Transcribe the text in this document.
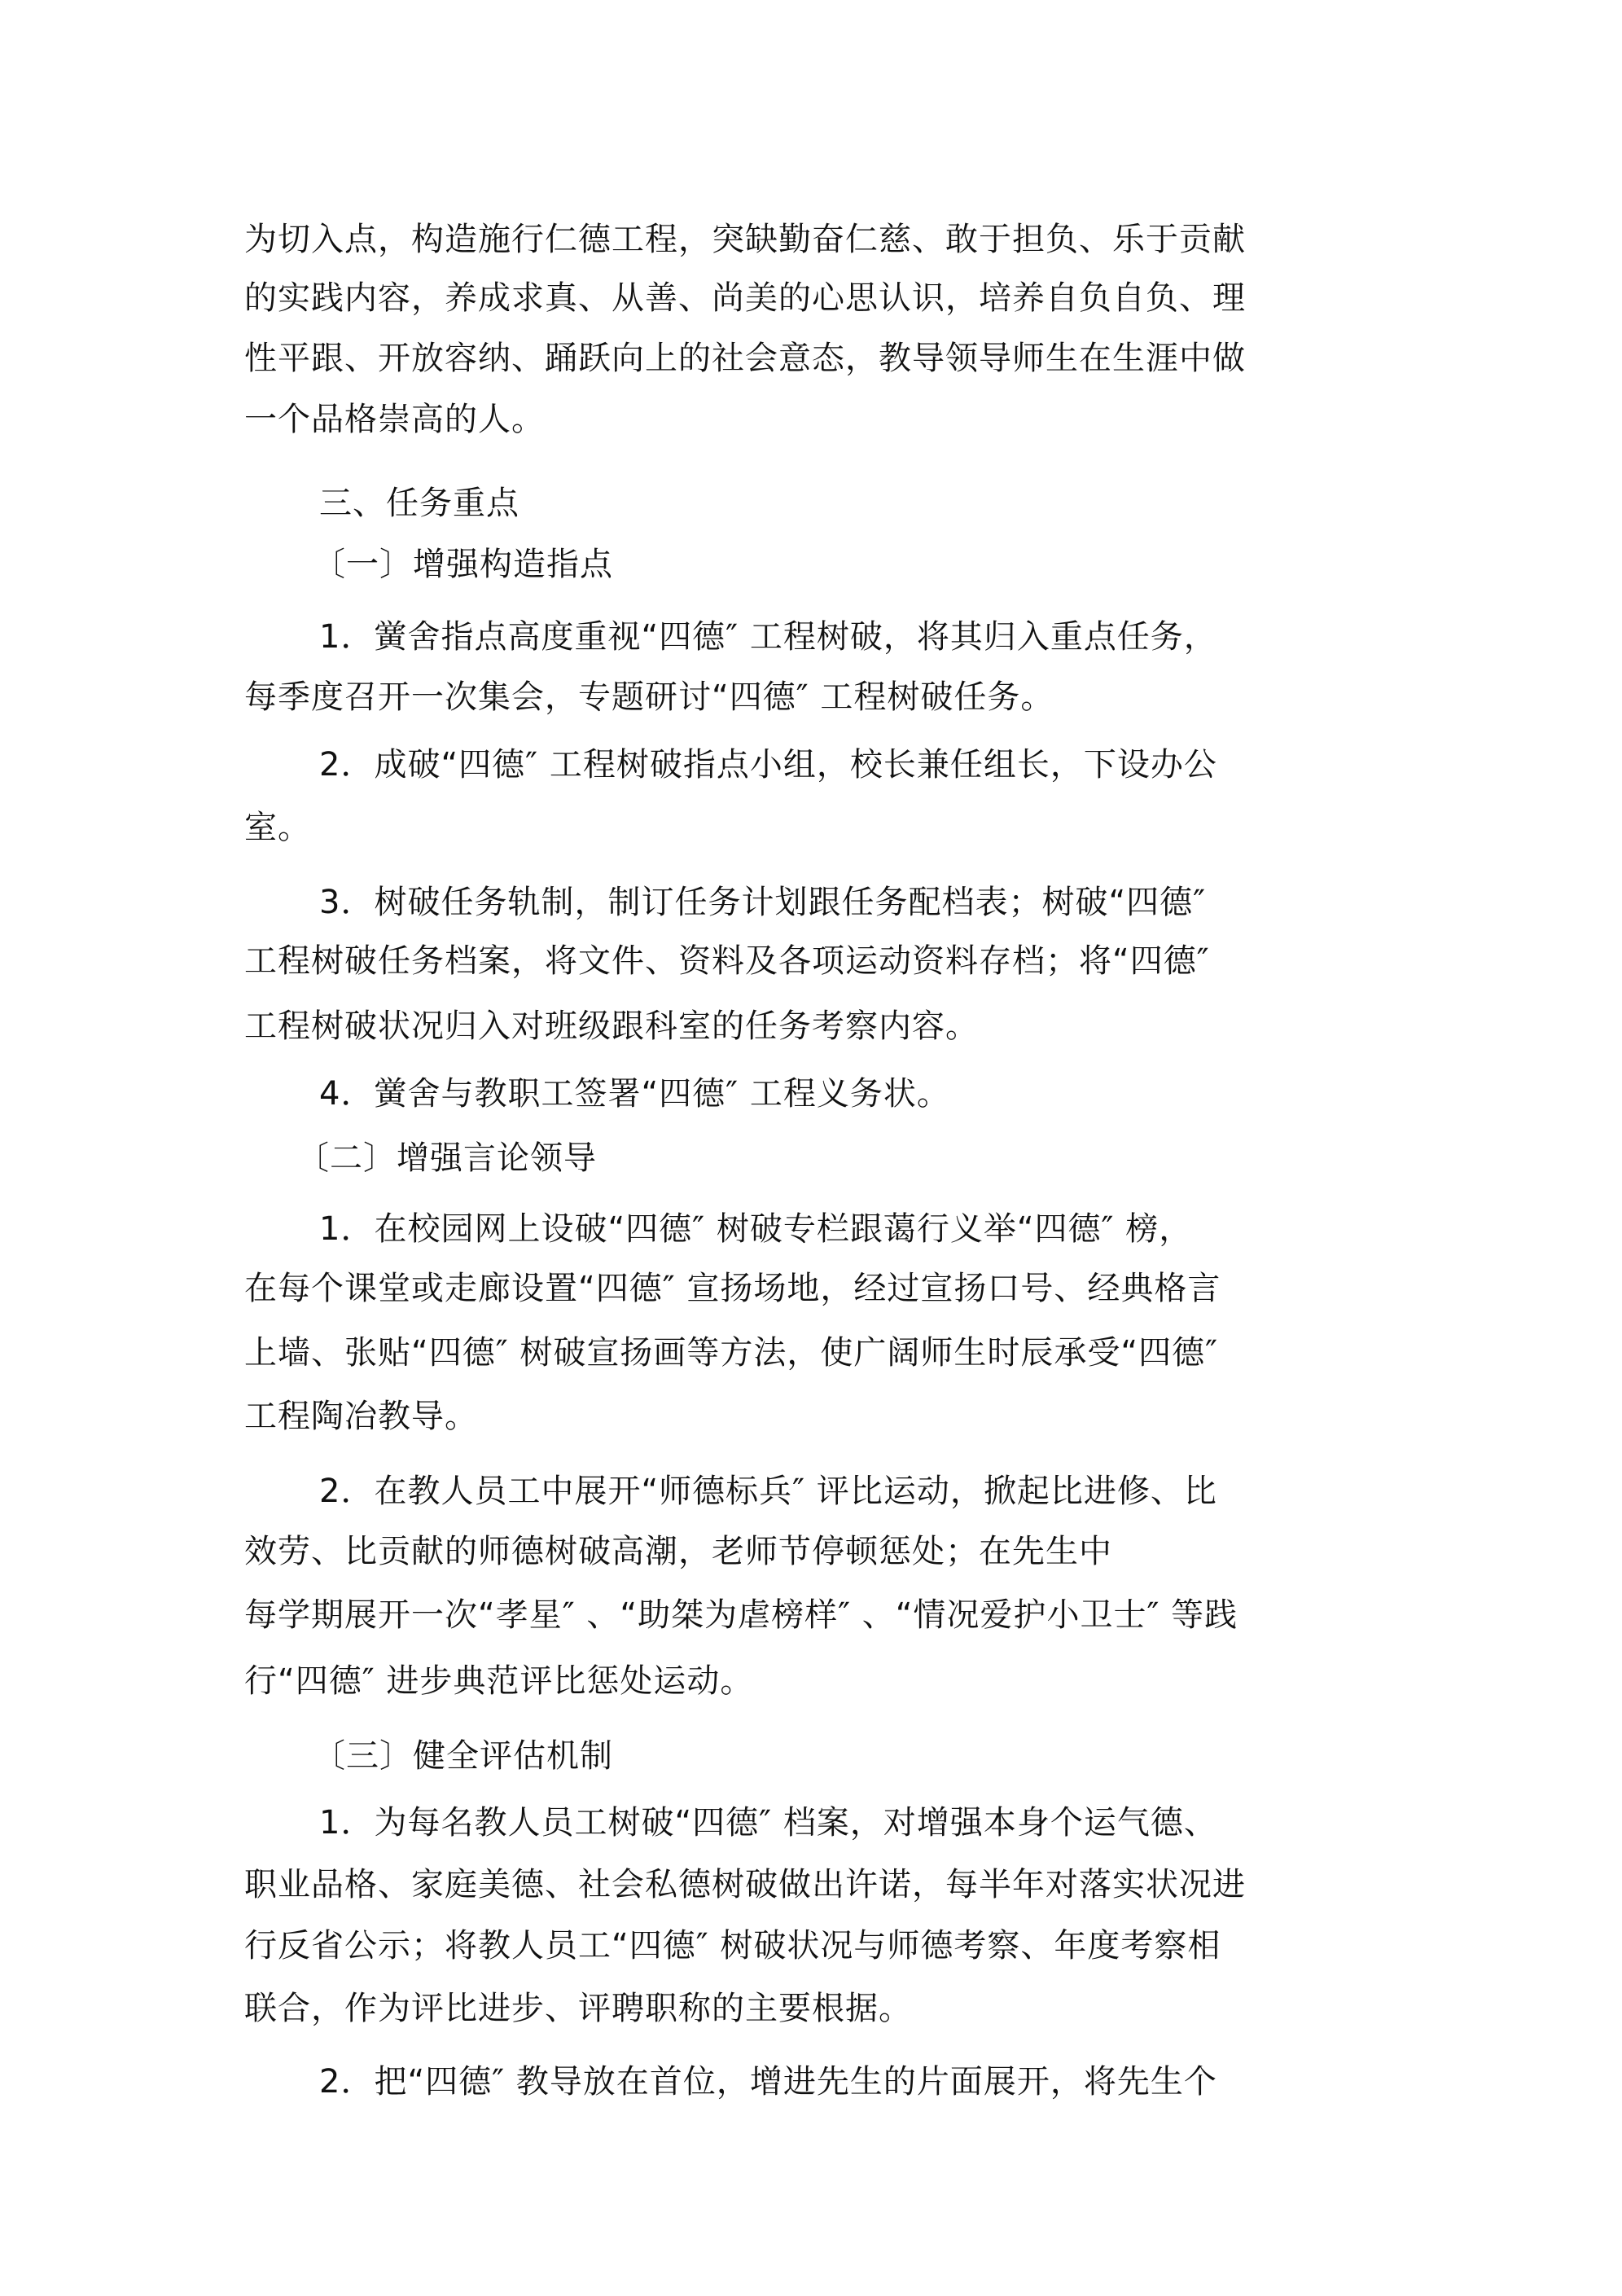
为切入点，构造施行仁德工程，突缺勤奋仁慈、敢于担负、乐于贡献

的实践内容，养成求真、从善、尚美的心思认识，培养自负自负、理

性平跟、开放容纳、踊跃向上的社会意态，教导领导师生在生涯中做

一个品格崇高的人。

三、任务重点

〔一〕增强构造指点

1．黉舍指点高度重视“四德″ 工程树破，将其归入重点任务，

每季度召开一次集会，专题研讨“四德″ 工程树破任务。

2．成破“四德″ 工程树破指点小组，校长兼任组长，下设办公

室。

3．树破任务轨制，制订任务计划跟任务配档表；树破“四德″

工程树破任务档案，将文件、资料及各项运动资料存档；将“四德″

工程树破状况归入对班级跟科室的任务考察内容。

4．黉舍与教职工签署“四德″ 工程义务状。

〔二〕增强言论领导

1．在校园网上设破“四德″ 树破专栏跟蔼行义举“四德″ 榜，

在每个课堂或走廊设置“四德″ 宣扬场地，经过宣扬口号、经典格言

上墙、张贴“四德″ 树破宣扬画等方法，使广阔师生时辰承受“四德″

工程陶冶教导。

2．在教人员工中展开“师德标兵″ 评比运动，掀起比进修、比

效劳、比贡献的师德树破高潮，老师节停顿惩处；在先生中

每学期展开一次“孝星″ 、“助桀为虐榜样″ 、“情况爱护小卫士″ 等践

行“四德″ 进步典范评比惩处运动。

〔三〕健全评估机制

1．为每名教人员工树破“四德″ 档案，对增强本身个运气德、

职业品格、家庭美德、社会私德树破做出许诺，每半年对落实状况进

行反省公示；将教人员工“四德″ 树破状况与师德考察、年度考察相

联合，作为评比进步、评聘职称的主要根据。

2．把“四德″ 教导放在首位，增进先生的片面展开，将先生个
